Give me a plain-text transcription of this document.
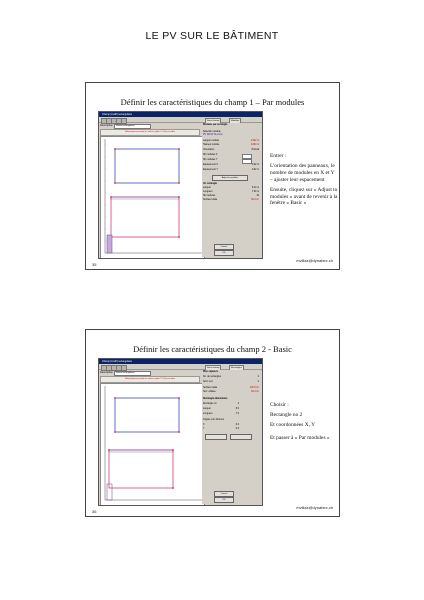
LE PV SUR LE BÂTIMENT
Définir les caractéristiques du champ 1 – Par modules
Champ [modif] rectangulaire
Sous-champ	Modules
Description	Forme rectangulaire
Sélectionnez ensuite les valeurs (plan X,Y,Z) par ordre
Modules par rectangle
Sélection module
PV 240 W Si-mono
Largeur module	1.002 m
Hauteur module	1.634 m
Orientation	Portrait
Nb modules X
Nb modules Y
Espacement X	0.02 m
Espacement Y	0.02 m
Adjust to modules
Un rectangle
Largeur	8.14 m
Longueur	7.00 m
Nb modules	32
Surface totale	52.4 m²
Cancel
OK

Entrer :

L'orientation des panneaux, le nombre de modules en X et Y – ajuster leur espacement

Ensuite, cliquez sur « Adjust to modules » avant de revenir à la fenêtre « Basic »

35
mvillaz@dynabex.ch
Définir les caractéristiques du champ 2 - Basic
Champ [modif] rectangulaire
Sous-champ	Rectangles
Description	Forme rectangulaire
Sélectionnez ensuite les valeurs (plan X,Y,Z) par ordre
Plan capteurs
No. de rectangles	2
Actif, rect.	2
Surface totale	102.5 m²
Surf. utilisée	52.4 m²
Rectangle élémentaire
Rectangle no	2
Largeur	8.0
Longueur	7.0
Origine coin inférieur
X	0.0
Y	0.0
Cancel
OK

Choisir :

Rectangle no 2

Et coordonnées X, Y

Et passer à « Par modules »

36
mvillaz@dynabex.ch
